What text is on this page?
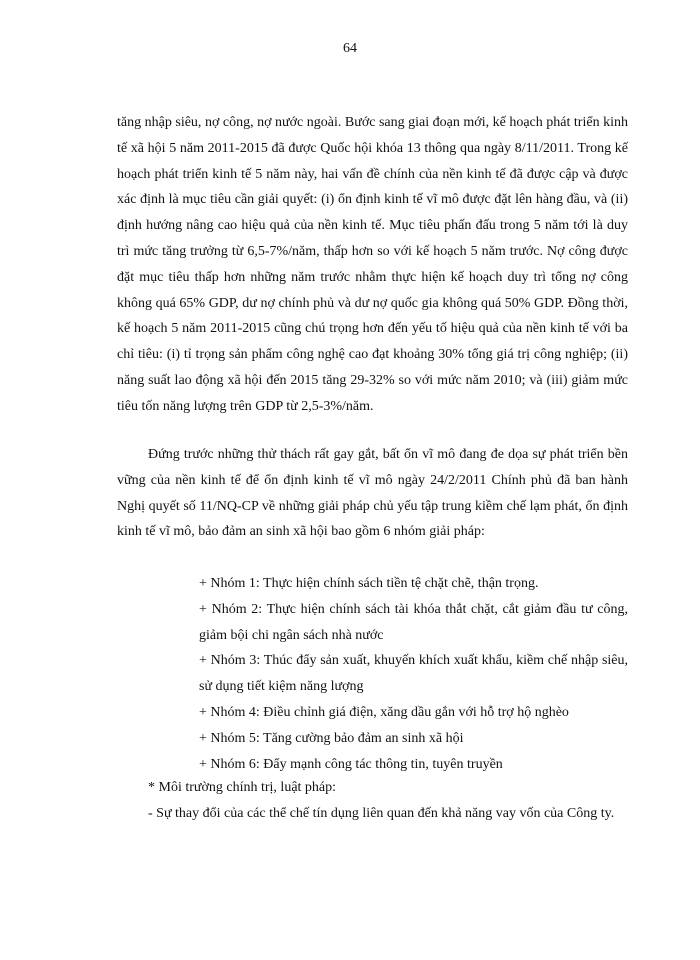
64

tăng nhập siêu, nợ công, nợ nước ngoài. Bước sang giai đoạn mới, kế hoạch phát triển kinh tế xã hội 5 năm 2011-2015 đã được Quốc hội khóa 13 thông qua ngày 8/11/2011. Trong kế hoạch phát triển kinh tế 5 năm này, hai vấn đề chính của nền kinh tế đã được cập và được xác định là mục tiêu cần giải quyết: (i) ổn định kinh tế vĩ mô được đặt lên hàng đầu, và (ii) định hướng nâng cao hiệu quả của nền kinh tế. Mục tiêu phấn đấu trong 5 năm tới là duy trì mức tăng trưởng từ 6,5-7%/năm, thấp hơn so với kế hoạch 5 năm trước. Nợ công được đặt mục tiêu thấp hơn những năm trước nhằm thực hiện kế hoạch duy trì tổng nợ công không quá 65% GDP, dư nợ chính phủ và dư nợ quốc gia không quá 50% GDP. Đồng thời, kế hoạch 5 năm 2011-2015 cũng chú trọng hơn đến yếu tố hiệu quả của nền kinh tế với ba chỉ tiêu: (i) tỉ trọng sản phẩm công nghệ cao đạt khoảng 30% tổng giá trị công nghiệp; (ii) năng suất lao động xã hội đến 2015 tăng 29-32% so với mức năm 2010; và (iii) giảm mức tiêu tốn năng lượng trên GDP từ 2,5-3%/năm.

Đứng trước những thử thách rất gay gắt, bất ổn vĩ mô đang đe dọa sự phát triển bền vững của nền kinh tế để ổn định kinh tế vĩ mô ngày 24/2/2011 Chính phủ đã ban hành Nghị quyết số 11/NQ-CP về những giải pháp chủ yếu tập trung kiềm chế lạm phát, ổn định kinh tế vĩ mô, bảo đảm an sinh xã hội bao gồm 6 nhóm giải pháp:

+ Nhóm 1: Thực hiện chính sách tiền tệ chặt chẽ, thận trọng.
+ Nhóm 2: Thực hiện chính sách tài khóa thắt chặt, cắt giảm đầu tư công, giảm bội chi ngân sách nhà nước
+ Nhóm 3: Thúc đẩy sản xuất, khuyến khích xuất khẩu, kiềm chế nhập siêu, sử dụng tiết kiệm năng lượng
+ Nhóm 4: Điều chỉnh giá điện, xăng dầu gắn với hỗ trợ hộ nghèo
+ Nhóm 5: Tăng cường bảo đảm an sinh xã hội
+ Nhóm 6: Đẩy mạnh công tác thông tin, tuyên truyền

* Môi trường chính trị, luật pháp:

- Sự thay đổi của các thể chế tín dụng liên quan đến khả năng vay vốn của Công ty.
